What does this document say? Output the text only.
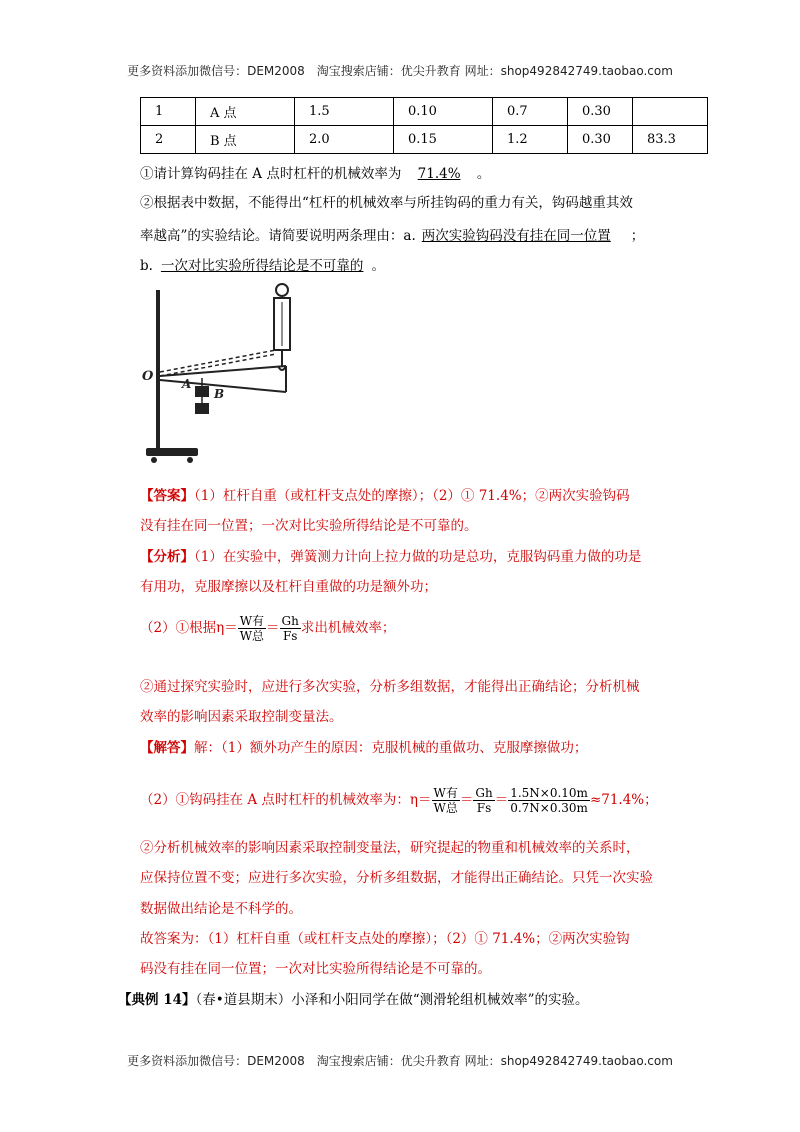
更多资料添加微信号：DEM2008　淘宝搜索店铺：优尖升教育 网址：shop492842749.taobao.com
1	A 点	1.5	0.10	0.7	0.30	
2	B 点	2.0	0.15	1.2	0.30	83.3
①请计算钩码挂在 A 点时杠杆的机械效率为 71.4% 。
②根据表中数据，不能得出“杠杆的机械效率与所挂钩码的重力有关，钩码越重其效
率越高”的实验结论。请简要说明两条理由：a. 两次实验钩码没有挂在同一位置 ；
b. 一次对比实验所得结论是不可靠的 。
O A
B
【答案】（1）杠杆自重（或杠杆支点处的摩擦）；（2）① 71.4%；②两次实验钩码
没有挂在同一位置；一次对比实验所得结论是不可靠的。
【分析】（1）在实验中，弹簧测力计向上拉力做的功是总功，克服钩码重力做的功是
有用功，克服摩擦以及杠杆自重做的功是额外功；
（2）①根据$\eta= \frac{\text{W有}}{\text{W总}} = \frac{Gh}{Fs}$ 求出机械效率；
②通过探究实验时，应进行多次实验，分析多组数据，才能得出正确结论；分析机械
效率的影响因素采取控制变量法。
【解答】解：（1）额外功产生的原因：克服机械的重做功、克服摩擦做功；
（2）①钩码挂在 A 点时杠杆的机械效率为：$\eta= \frac{\text{W有}}{\text{W总}} = \frac{Gh}{Fs} = \frac{1.5N\times 0.10m}{0.7N\times 0.30m} \approx 71.4\%$；
②分析机械效率的影响因素采取控制变量法，研究提起的物重和机械效率的关系时，
应保持位置不变；应进行多次实验，分析多组数据，才能得出正确结论。只凭一次实验
数据做出结论是不科学的。
故答案为：（1）杠杆自重（或杠杆支点处的摩擦）；（2）① 71.4%；②两次实验钩
码没有挂在同一位置；一次对比实验所得结论是不可靠的。
【典例 14】（春•道县期末）小泽和小阳同学在做“测滑轮组机械效率”的实验。
更多资料添加微信号：DEM2008　淘宝搜索店铺：优尖升教育 网址：shop492842749.taobao.com
